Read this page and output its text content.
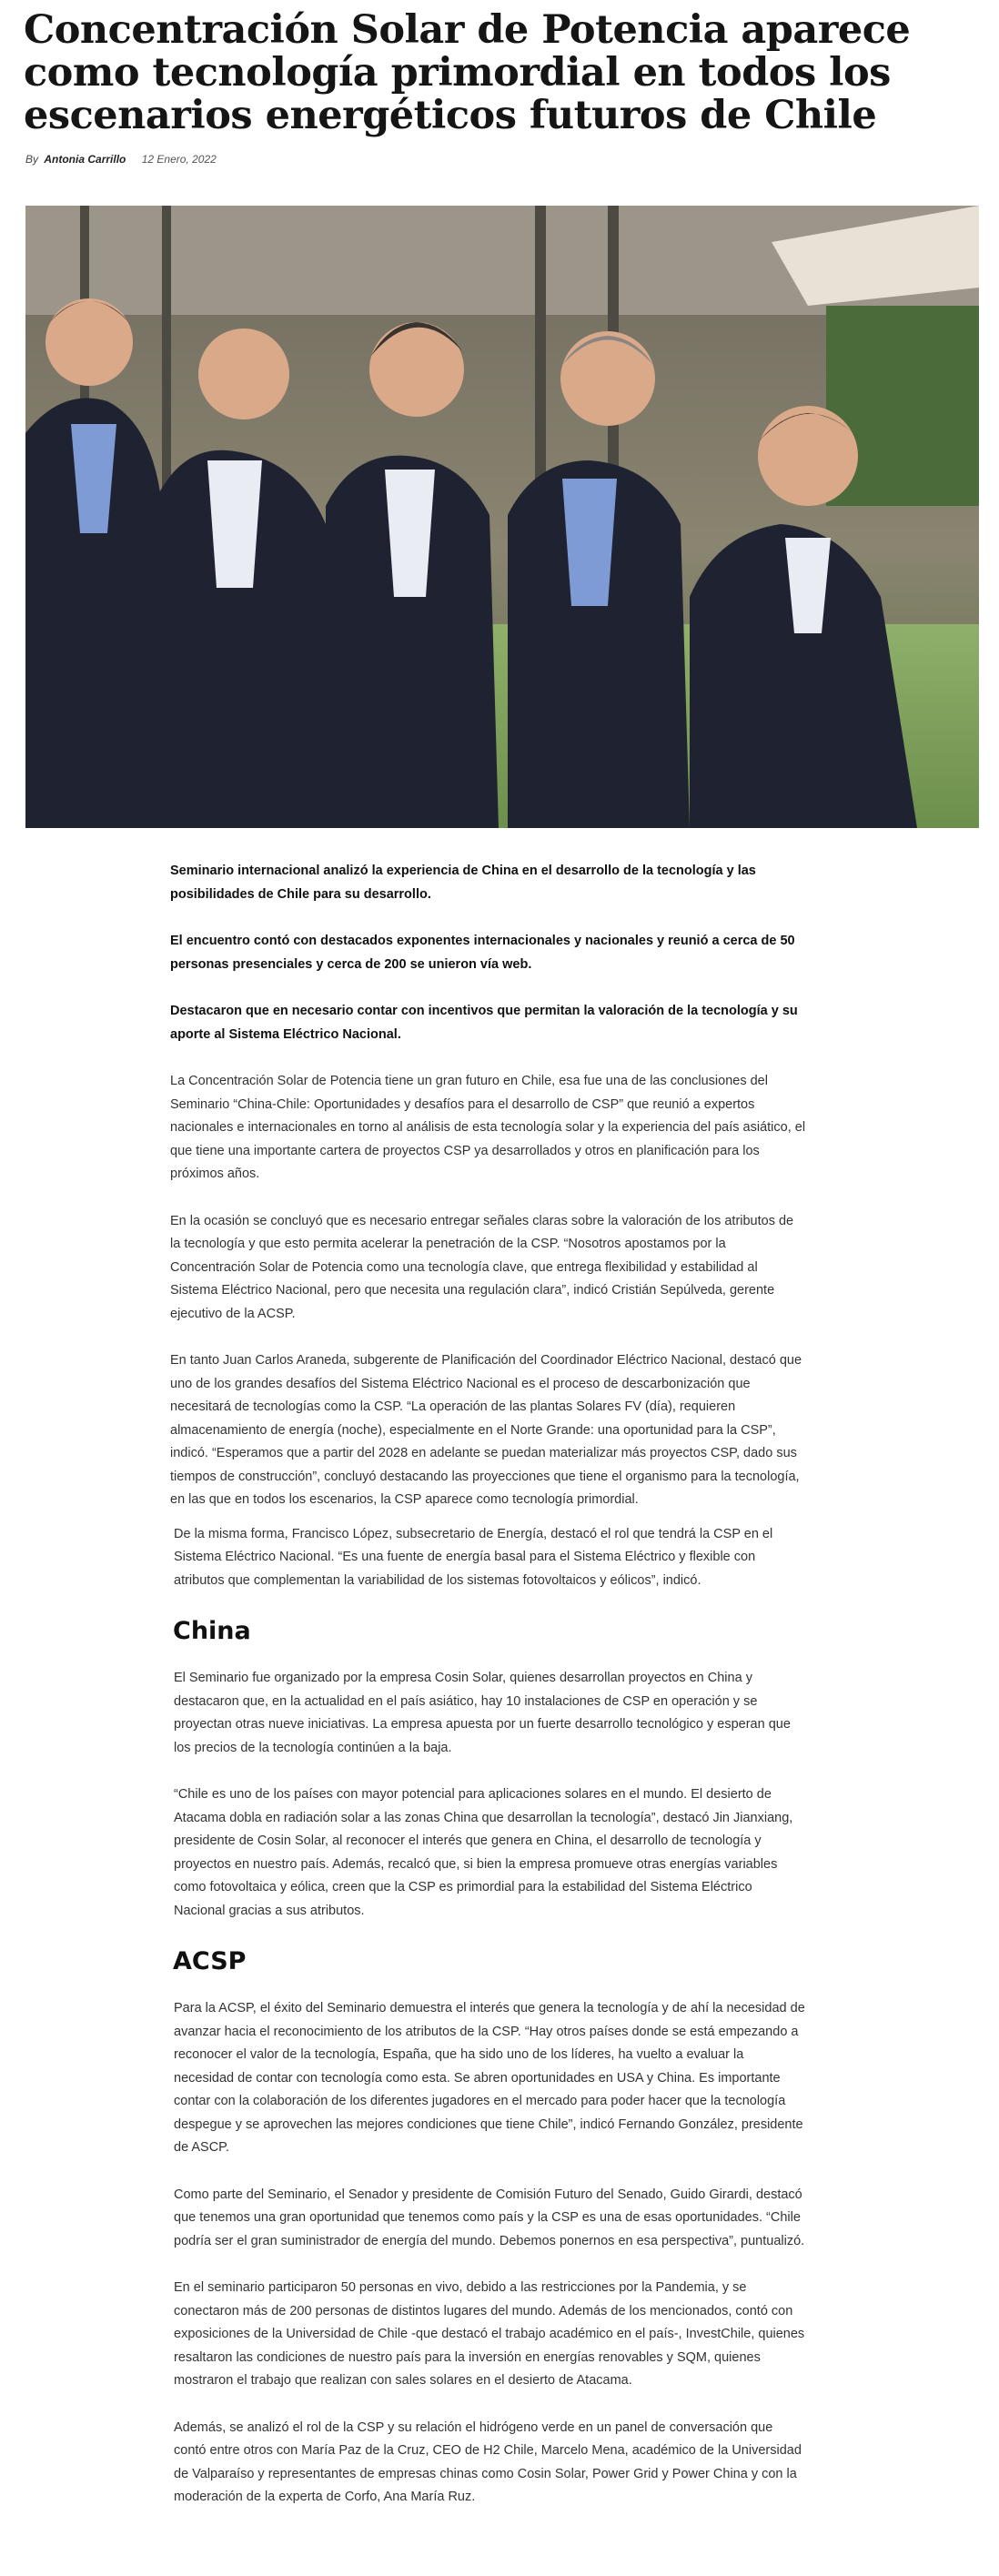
Concentración Solar de Potencia aparece como tecnología primordial en todos los escenarios energéticos futuros de Chile
By Antonia Carrillo 12 Enero, 2022

Seminario internacional analizó la experiencia de China en el desarrollo de la tecnología y las posibilidades de Chile para su desarrollo.

El encuentro contó con destacados exponentes internacionales y nacionales y reunió a cerca de 50 personas presenciales y cerca de 200 se unieron vía web.

Destacaron que en necesario contar con incentivos que permitan la valoración de la tecnología y su aporte al Sistema Eléctrico Nacional.

La Concentración Solar de Potencia tiene un gran futuro en Chile, esa fue una de las conclusiones del Seminario “China-Chile: Oportunidades y desafíos para el desarrollo de CSP” que reunió a expertos nacionales e internacionales en torno al análisis de esta tecnología solar y la experiencia del país asiático, el que tiene una importante cartera de proyectos CSP ya desarrollados y otros en planificación para los próximos años.

En la ocasión se concluyó que es necesario entregar señales claras sobre la valoración de los atributos de la tecnología y que esto permita acelerar la penetración de la CSP. “Nosotros apostamos por la Concentración Solar de Potencia como una tecnología clave, que entrega flexibilidad y estabilidad al Sistema Eléctrico Nacional, pero que necesita una regulación clara”, indicó Cristián Sepúlveda, gerente ejecutivo de la ACSP.

En tanto Juan Carlos Araneda, subgerente de Planificación del Coordinador Eléctrico Nacional, destacó que uno de los grandes desafíos del Sistema Eléctrico Nacional es el proceso de descarbonización que necesitará de tecnologías como la CSP. “La operación de las plantas Solares FV (día), requieren almacenamiento de energía (noche), especialmente en el Norte Grande: una oportunidad para la CSP”, indicó. “Esperamos que a partir del 2028 en adelante se puedan materializar más proyectos CSP, dado sus tiempos de construcción”, concluyó destacando las proyecciones que tiene el organismo para la tecnología, en las que en todos los escenarios, la CSP aparece como tecnología primordial.

De la misma forma, Francisco López, subsecretario de Energía, destacó el rol que tendrá la CSP en el Sistema Eléctrico Nacional. “Es una fuente de energía basal para el Sistema Eléctrico y flexible con atributos que complementan la variabilidad de los sistemas fotovoltaicos y eólicos”, indicó.

China

El Seminario fue organizado por la empresa Cosin Solar, quienes desarrollan proyectos en China y destacaron que, en la actualidad en el país asiático, hay 10 instalaciones de CSP en operación y se proyectan otras nueve iniciativas. La empresa apuesta por un fuerte desarrollo tecnológico y esperan que los precios de la tecnología continúen a la baja.

“Chile es uno de los países con mayor potencial para aplicaciones solares en el mundo. El desierto de Atacama dobla en radiación solar a las zonas China que desarrollan la tecnología”, destacó Jin Jianxiang, presidente de Cosin Solar, al reconocer el interés que genera en China, el desarrollo de tecnología y proyectos en nuestro país. Además, recalcó que, si bien la empresa promueve otras energías variables como fotovoltaica y eólica, creen que la CSP es primordial para la estabilidad del Sistema Eléctrico Nacional gracias a sus atributos.

ACSP

Para la ACSP, el éxito del Seminario demuestra el interés que genera la tecnología y de ahí la necesidad de avanzar hacia el reconocimiento de los atributos de la CSP. “Hay otros países donde se está empezando a reconocer el valor de la tecnología, España, que ha sido uno de los líderes, ha vuelto a evaluar la necesidad de contar con tecnología como esta. Se abren oportunidades en USA y China. Es importante contar con la colaboración de los diferentes jugadores en el mercado para poder hacer que la tecnología despegue y se aprovechen las mejores condiciones que tiene Chile”, indicó Fernando González, presidente de ASCP.

Como parte del Seminario, el Senador y presidente de Comisión Futuro del Senado, Guido Girardi, destacó que tenemos una gran oportunidad que tenemos como país y la CSP es una de esas oportunidades. “Chile podría ser el gran suministrador de energía del mundo. Debemos ponernos en esa perspectiva”, puntualizó.

En el seminario participaron 50 personas en vivo, debido a las restricciones por la Pandemia, y se conectaron más de 200 personas de distintos lugares del mundo. Además de los mencionados, contó con exposiciones de la Universidad de Chile -que destacó el trabajo académico en el país-, InvestChile, quienes resaltaron las condiciones de nuestro país para la inversión en energías renovables y SQM, quienes mostraron el trabajo que realizan con sales solares en el desierto de Atacama.

Además, se analizó el rol de la CSP y su relación el hidrógeno verde en un panel de conversación que contó entre otros con María Paz de la Cruz, CEO de H2 Chile, Marcelo Mena, académico de la Universidad de Valparaíso y representantes de empresas chinas como Cosin Solar, Power Grid y Power China y con la moderación de la experta de Corfo, Ana María Ruz.
